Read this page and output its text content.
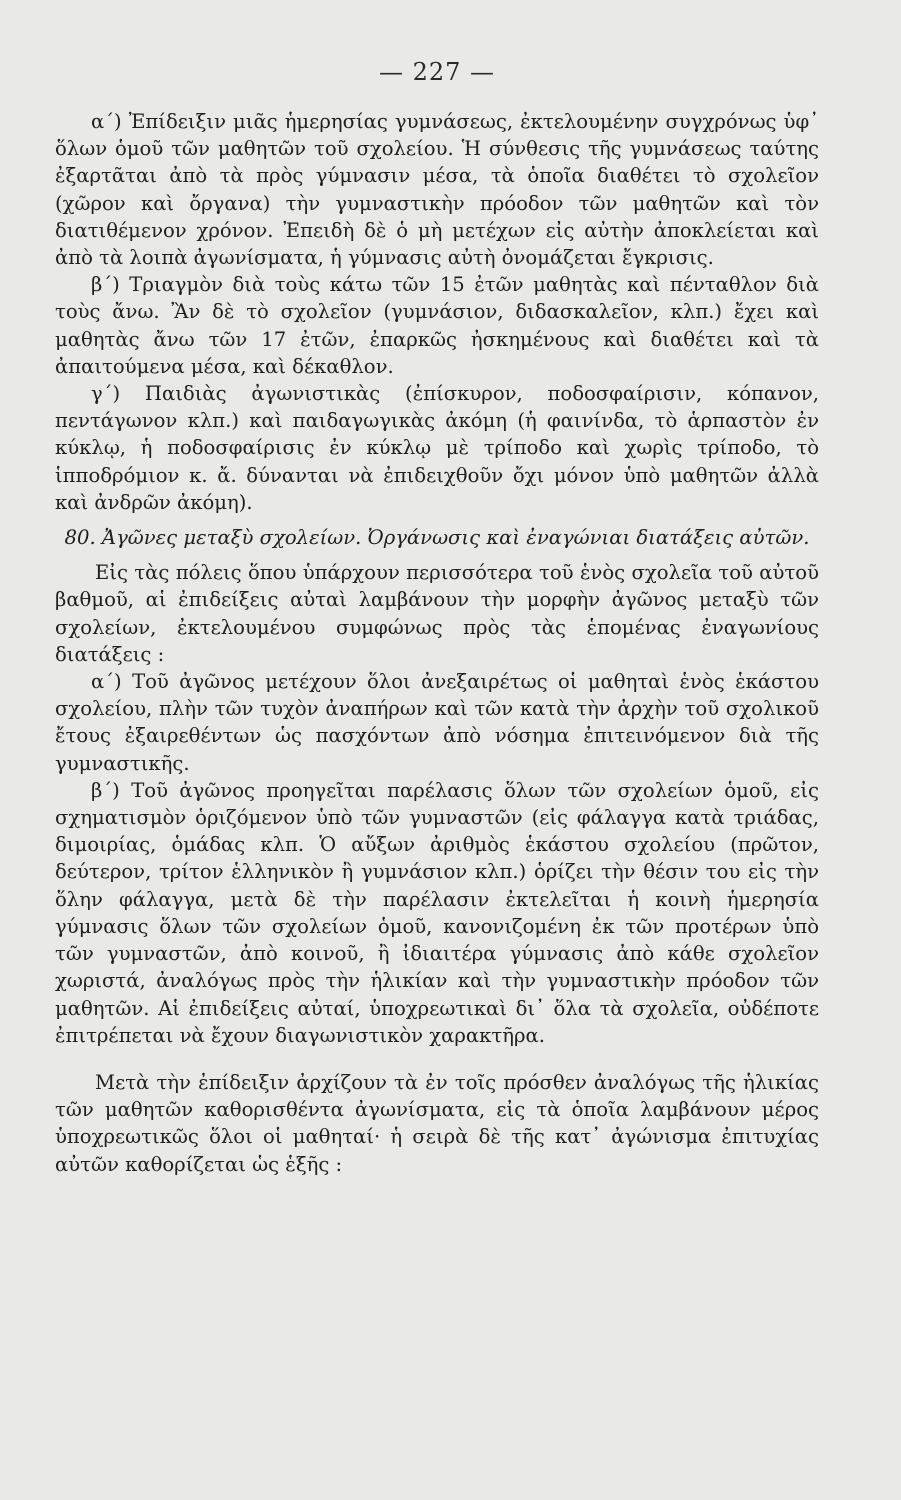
— 227 —

α΄) Ἐπίδειξιν μιᾶς ἡμερησίας γυμνάσεως, ἐκτελουμένην συγχρόνως ὑφ᾽ ὅλων ὁμοῦ τῶν μαθητῶν τοῦ σχολείου. Ἡ σύνθεσις τῆς γυμνάσεως ταύτης ἐξαρτᾶται ἀπὸ τὰ πρὸς γύμνασιν μέσα, τὰ ὁποῖα διαθέτει τὸ σχολεῖον (χῶρον καὶ ὄργανα) τὴν γυμναστικὴν πρόοδον τῶν μαθητῶν καὶ τὸν διατιθέμενον χρόνον. Ἐπειδὴ δὲ ὁ μὴ μετέχων εἰς αὐτὴν ἀποκλείεται καὶ ἀπὸ τὰ λοιπὰ ἀγωνίσματα, ἡ γύμνασις αὐτὴ ὀνομάζεται ἔγκρισις.

β΄) Τριαγμὸν διὰ τοὺς κάτω τῶν 15 ἐτῶν μαθητὰς καὶ πένταθλον διὰ τοὺς ἄνω. Ἂν δὲ τὸ σχολεῖον (γυμνάσιον, διδασκαλεῖον, κλπ.) ἔχει καὶ μαθητὰς ἄνω τῶν 17 ἐτῶν, ἐπαρκῶς ἠσκημένους καὶ διαθέτει καὶ τὰ ἀπαιτούμενα μέσα, καὶ δέκαθλον.

γ΄) Παιδιὰς ἀγωνιστικὰς (ἐπίσκυρον, ποδοσφαίρισιν, κόπανον, πεντάγωνον κλπ.) καὶ παιδαγωγικὰς ἀκόμη (ἡ φαινίνδα, τὸ ἁρπαστὸν ἐν κύκλῳ, ἡ ποδοσφαίρισις ἐν κύκλῳ μὲ τρίποδο καὶ χωρὶς τρίποδο, τὸ ἱπποδρόμιον κ. ἄ. δύνανται νὰ ἐπιδειχθοῦν ὄχι μόνον ὑπὸ μαθητῶν ἀλλὰ καὶ ἀνδρῶν ἀκόμη).

80. Ἀγῶνες μεταξὺ σχολείων. Ὀργάνωσις καὶ ἐναγώνιαι διατάξεις αὐτῶν.

Εἰς τὰς πόλεις ὅπου ὑπάρχουν περισσότερα τοῦ ἑνὸς σχολεῖα τοῦ αὐτοῦ βαθμοῦ, αἱ ἐπιδείξεις αὐταὶ λαμβάνουν τὴν μορφὴν ἀγῶνος μεταξὺ τῶν σχολείων, ἐκτελουμένου συμφώνως πρὸς τὰς ἑπομένας ἐναγωνίους διατάξεις :

α΄) Τοῦ ἀγῶνος μετέχουν ὅλοι ἀνεξαιρέτως οἱ μαθηταὶ ἑνὸς ἑκάστου σχολείου, πλὴν τῶν τυχὸν ἀναπήρων καὶ τῶν κατὰ τὴν ἀρχὴν τοῦ σχολικοῦ ἔτους ἐξαιρεθέντων ὡς πασχόντων ἀπὸ νόσημα ἐπιτεινόμενον διὰ τῆς γυμναστικῆς.

β΄) Τοῦ ἀγῶνος προηγεῖται παρέλασις ὅλων τῶν σχολείων ὁμοῦ, εἰς σχηματισμὸν ὁριζόμενον ὑπὸ τῶν γυμναστῶν (εἰς φάλαγγα κατὰ τριάδας, διμοιρίας, ὁμάδας κλπ. Ὁ αὔξων ἀριθμὸς ἑκάστου σχολείου (πρῶτον, δεύτερον, τρίτον ἑλληνικὸν ἢ γυμνάσιον κλπ.) ὁρίζει τὴν θέσιν του εἰς τὴν ὅλην φάλαγγα, μετὰ δὲ τὴν παρέλασιν ἐκτελεῖται ἡ κοινὴ ἡμερησία γύμνασις ὅλων τῶν σχολείων ὁμοῦ, κανονιζομένη ἐκ τῶν προτέρων ὑπὸ τῶν γυμναστῶν, ἀπὸ κοινοῦ, ἢ ἰδιαιτέρα γύμνασις ἀπὸ κάθε σχολεῖον χωριστά, ἀναλόγως πρὸς τὴν ἡλικίαν καὶ τὴν γυμναστικὴν πρόοδον τῶν μαθητῶν. Αἱ ἐπιδείξεις αὐταί, ὑποχρεωτικαὶ δι᾽ ὅλα τὰ σχολεῖα, οὐδέποτε ἐπιτρέπεται νὰ ἔχουν διαγωνιστικὸν χαρακτῆρα.

Μετὰ τὴν ἐπίδειξιν ἀρχίζουν τὰ ἐν τοῖς πρόσθεν ἀναλόγως τῆς ἡλικίας τῶν μαθητῶν καθορισθέντα ἀγωνίσματα, εἰς τὰ ὁποῖα λαμβάνουν μέρος ὑποχρεωτικῶς ὅλοι οἱ μαθηταί· ἡ σειρὰ δὲ τῆς κατ᾽ ἀγώνισμα ἐπιτυχίας αὐτῶν καθορίζεται ὡς ἑξῆς :
